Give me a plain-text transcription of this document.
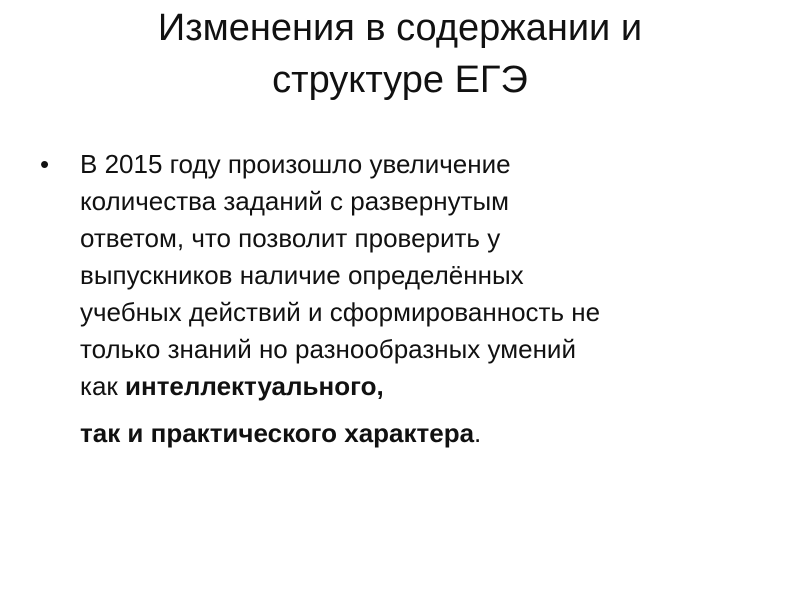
Изменения в содержании и
структуре ЕГЭ
•	В 2015 году произошло увеличение
количества заданий с развернутым
ответом, что позволит проверить у
выпускников наличие определённых
учебных действий и сформированность не
только знаний но разнообразных умений
как интеллектуального,
так и практического характера.
